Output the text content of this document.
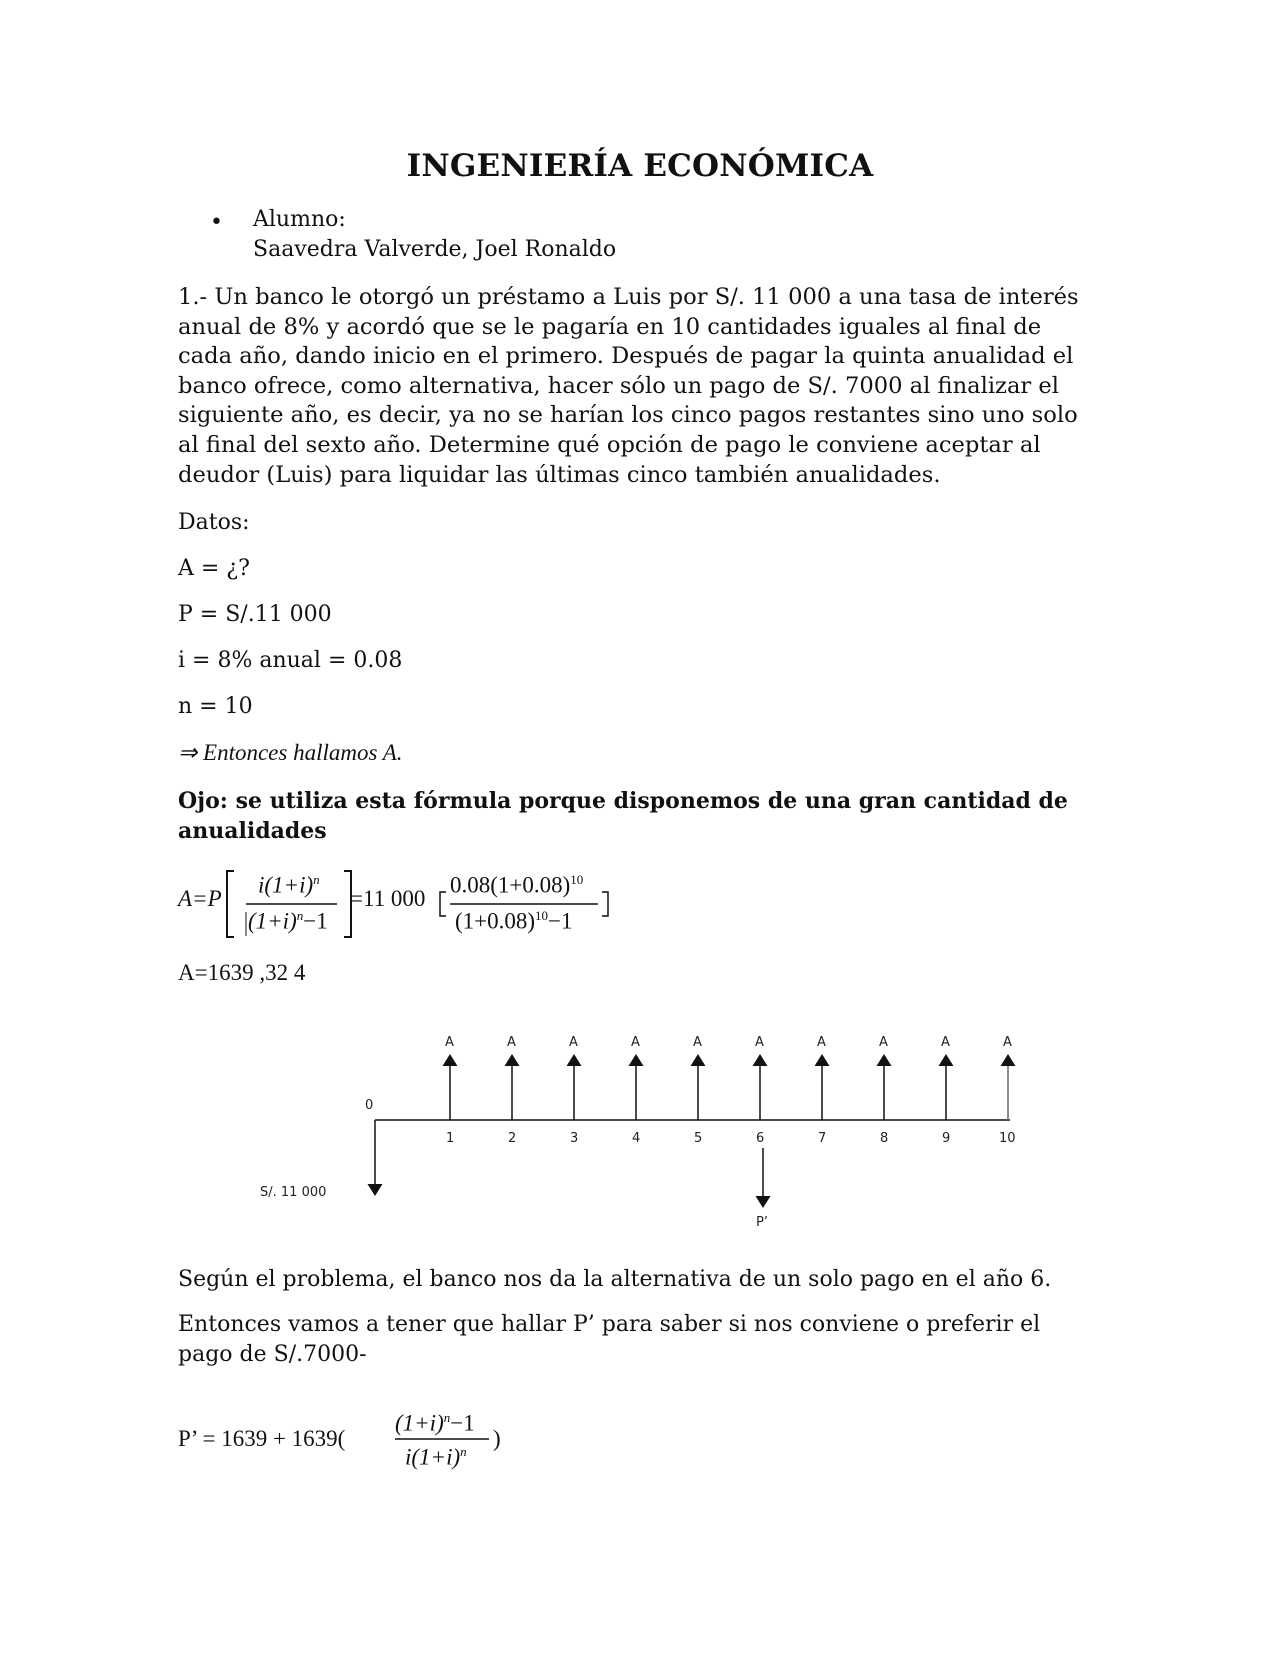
INGENIERÍA ECONÓMICA
• Alumno:
Saavedra Valverde, Joel Ronaldo
1.- Un banco le otorgó un préstamo a Luis por S/. 11 000 a una tasa de interés
anual de 8% y acordó que se le pagaría en 10 cantidades iguales al final de
cada año, dando inicio en el primero. Después de pagar la quinta anualidad el
banco ofrece, como alternativa, hacer sólo un pago de S/. 7000 al finalizar el
siguiente año, es decir, ya no se harían los cinco pagos restantes sino uno solo
al final del sexto año. Determine qué opción de pago le conviene aceptar al
deudor (Luis) para liquidar las últimas cinco también anualidades.
Datos:
A = ¿?
P = S/.11 000
i = 8% anual = 0.08
n = 10
⇒ Entonces hallamos A.
Ojo: se utiliza esta fórmula porque disponemos de una gran cantidad de
anualidades
A=P
$i(1+i)^n$
$(1+i)^n-1$
=11 000
$0.08(1+0.08)^{10}$
$(1+0.08)^{10}-1$
A=1639 ,32 4
0
S/. 11 000
A
1
A
2
A
3
A
4
A
5
A
6
A
7
A
8
A
9
A
10
P’
Según el problema, el banco nos da la alternativa de un solo pago en el año 6.
Entonces vamos a tener que hallar P’ para saber si nos conviene o preferir el
pago de S/.7000-
P’ = 1639 + 1639(
$(1+i)^n-1$
$i(1+i)^n$
)
